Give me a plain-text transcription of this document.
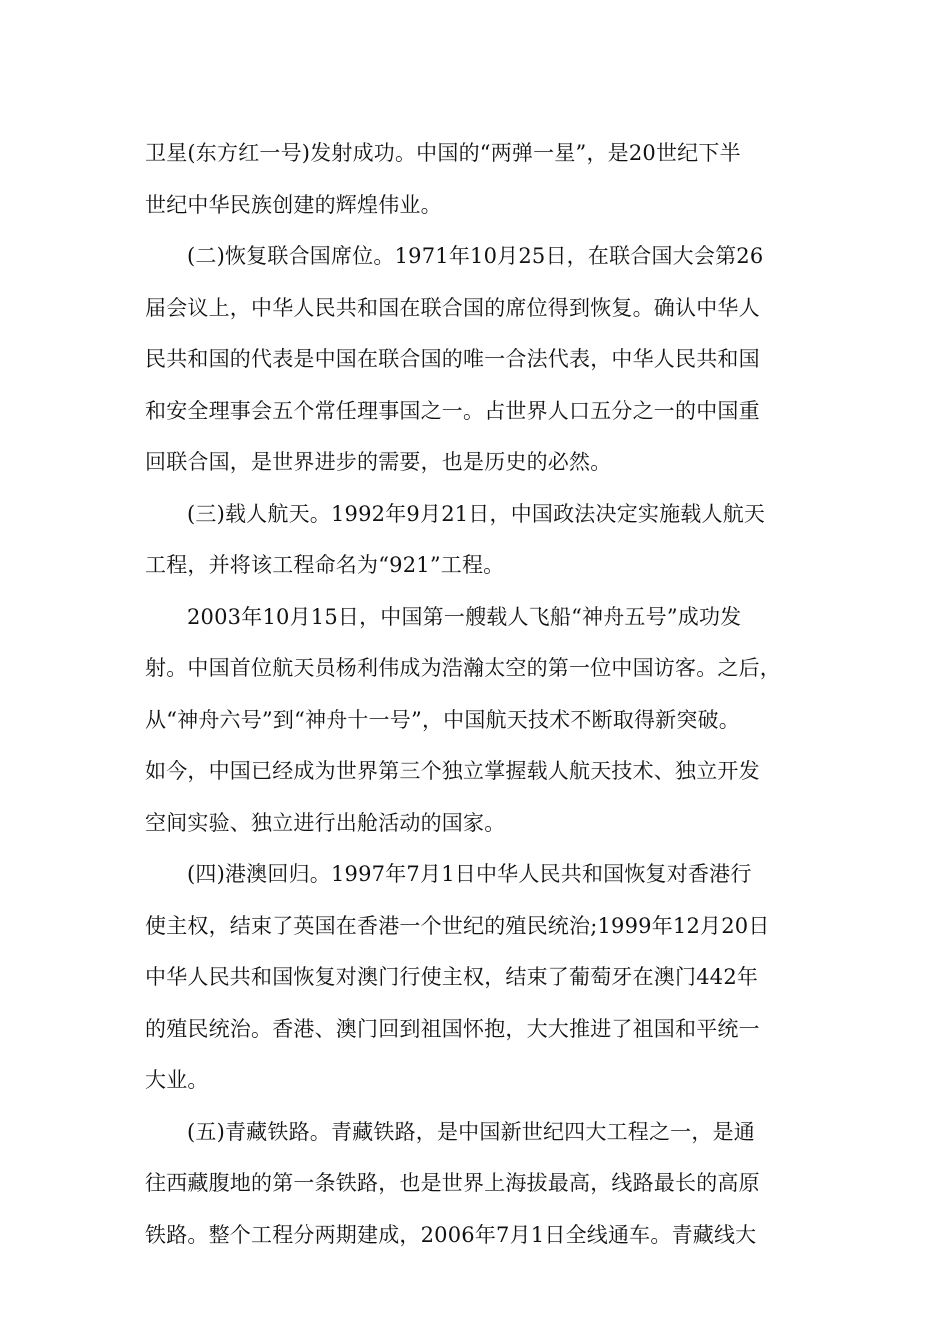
卫星(东方红一号)发射成功。中国的“两弹一星”，是20世纪下半
世纪中华民族创建的辉煌伟业。
(二)恢复联合国席位。1971年10月25日，在联合国大会第26
届会议上，中华人民共和国在联合国的席位得到恢复。确认中华人
民共和国的代表是中国在联合国的唯一合法代表，中华人民共和国
和安全理事会五个常任理事国之一。占世界人口五分之一的中国重
回联合国，是世界进步的需要，也是历史的必然。
(三)载人航天。1992年9月21日，中国政法决定实施载人航天
工程，并将该工程命名为“921”工程。
2003年10月15日，中国第一艘载人飞船“神舟五号”成功发
射。中国首位航天员杨利伟成为浩瀚太空的第一位中国访客。之后，
从“神舟六号”到“神舟十一号”，中国航天技术不断取得新突破。
如今，中国已经成为世界第三个独立掌握载人航天技术、独立开发
空间实验、独立进行出舱活动的国家。
(四)港澳回归。1997年7月1日中华人民共和国恢复对香港行
使主权，结束了英国在香港一个世纪的殖民统治;1999年12月20日
中华人民共和国恢复对澳门行使主权，结束了葡萄牙在澳门442年
的殖民统治。香港、澳门回到祖国怀抱，大大推进了祖国和平统一
大业。
(五)青藏铁路。青藏铁路，是中国新世纪四大工程之一，是通
往西藏腹地的第一条铁路，也是世界上海拔最高，线路最长的高原
铁路。整个工程分两期建成，2006年7月1日全线通车。青藏线大
